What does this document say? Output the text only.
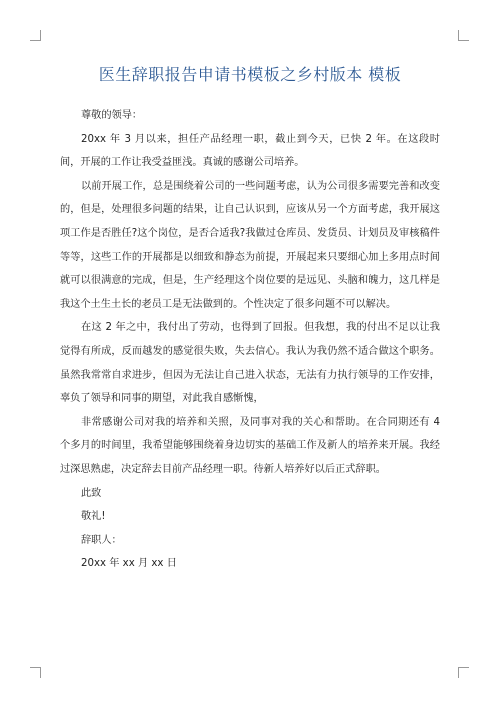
医生辞职报告申请书模板之乡村版本 模板

尊敬的领导：

20xx 年 3 月以来，担任产品经理一职，截止到今天，已快 2 年。在这段时间，开展的工作让我受益匪浅。真诚的感谢公司培养。

以前开展工作，总是围绕着公司的一些问题考虑，认为公司很多需要完善和改变的，但是，处理很多问题的结果，让自己认识到，应该从另一个方面考虑，我开展这项工作是否胜任?这个岗位，是否合适我?我做过仓库员、发货员、计划员及审核稿件等等，这些工作的开展都是以细致和静态为前提，开展起来只要细心加上多用点时间就可以很满意的完成，但是，生产经理这个岗位要的是远见、头脑和魄力，这几样是我这个土生土长的老员工是无法做到的。个性决定了很多问题不可以解决。

在这 2 年之中，我付出了劳动，也得到了回报。但我想，我的付出不足以让我觉得有所成，反而越发的感觉很失败，失去信心。我认为我仍然不适合做这个职务。虽然我常常自求进步，但因为无法让自己进入状态，无法有力执行领导的工作安排，辜负了领导和同事的期望，对此我自感惭愧，

非常感谢公司对我的培养和关照，及同事对我的关心和帮助。在合同期还有 4 个多月的时间里，我希望能够围绕着身边切实的基础工作及新人的培养来开展。我经过深思熟虑，决定辞去目前产品经理一职。待新人培养好以后正式辞职。

此致

敬礼!

辞职人：

20xx 年 xx 月 xx 日
